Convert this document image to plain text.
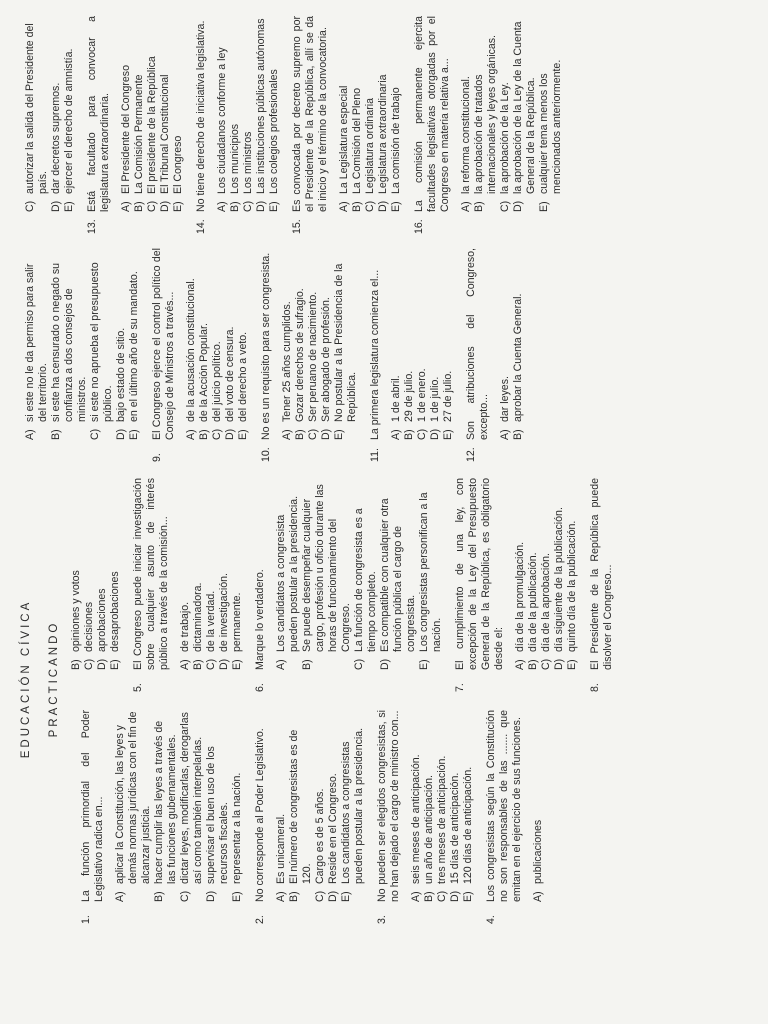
EDUCACIÓN CÍVICA PRACTICANDO
1.
La función primordial del Poder Legislativo radica en... A)
aplicar la Constitución, las leyes y demás normas jurídicas con el fin de alcanzar justicia.
B)
hacer cumplir las leyes a través de las funciones gubernamentales.
C)
dictar leyes, modificarlas, derogarlas así como también interpelarlas.
D)
supervisar el buen uso de los recursos fiscales.
E)
representar a la nación.
2.
No corresponde al Poder Legislativo. A)
Es unicameral.
B)
El número de congresistas es de 120.
C)
Cargo es de 5 años.
D)
Reside en el Congreso.
E)
Los candidatos a congresistas pueden postular a la presidencia.
3.
No pueden ser elegidos congresistas, si no han dejado el cargo de ministro con... A)
seis meses de anticipación.
B)
un año de anticipación.
C)
tres meses de anticipación.
D)
15 días de anticipación.
E)
120 días de anticipación.
4.
Los congresistas según la Constitución no son responsables de las ....... que emitan en el ejercicio de sus funciones. A)
publicaciones
B)
opiniones y votos
C)
decisiones
D)
aprobaciones
E)
desaprobaciones
5.
El Congreso puede iniciar investigación sobre cualquier asunto de interés público a través de la comisión... A)
de trabajo.
B)
dictaminadora.
C)
de la verdad.
D)
de investigación.
E)
permanente.
6.
Marque lo verdadero. A)
Los candidatos a congresista pueden postular a la presidencia.
B)
Se puede desempeñar cualquier cargo, profesión u oficio durante las horas de funcionamiento del Congreso.
C)
La función de congresista es a tiempo completo.
D)
Es compatible con cualquier otra función pública el cargo de congresista.
E)
Los congresistas personifican a la nación.
7.
El cumplimiento de una ley, con excepción de la Ley del Presupuesto General de la República, es obligatorio desde el: A)
día de la promulgación.
B)
día de la publicación.
C)
día de la aprobación.
D)
día siguiente de la publicación.
E)
quinto día de la publicación.
8.
El Presidente de la República puede disolver el Congreso...
A)
si este no le da permiso para salir del territorio.
B)
si este ha censurado o negado su confianza a dos consejos de ministros.
C)
si este no aprueba el presupuesto público.
D)
bajo estado de sitio.
E)
en el último año de su mandato.
9.
El Congreso ejerce el control político del Consejo de Ministros a través... A)
de la acusación constitucional.
B)
de la Acción Popular.
C)
del juicio político.
D)
del voto de censura.
E)
del derecho a veto.
10.
No es un requisito para ser congresista. A)
Tener 25 años cumplidos.
B)
Gozar derechos de sufragio.
C)
Ser peruano de nacimiento.
D)
Ser abogado de profesión.
E)
No postular a la Presidencia de la República.
11.
La primera legislatura comienza el... A)
1 de abril.
B)
29 de julio.
C)
1 de enero.
D)
1 de julio.
E)
27 de julio.
12.
Son atribuciones del Congreso, excepto... A)
dar leyes.
B)
aprobar la Cuenta General.
C)
autorizar la salida del Presidente del país.
D)
dar decretos supremos.
E)
ejercer el derecho de amnistía.
13.
Está facultado para convocar a legislatura extraordinaria. A)
El Presidente del Congreso
B)
La Comisión Permanente
C)
El presidente de la República
D)
El Tribunal Constitucional
E)
El Congreso
14.
No tiene derecho de iniciativa legislativa. A)
Los ciudadanos conforme a ley
B)
Los municipios
C)
Los ministros
D)
Las instituciones públicas autónomas
E)
Los colegios profesionales
15.
Es convocada por decreto supremo por el Presidente de la República, allí se da el inicio y el término de la convocatoria. A)
La Legislatura especial
B)
La Comisión del Pleno
C)
Legislatura ordinaria
D)
Legislatura extraordinaria
E)
La comisión de trabajo
16.
La comisión permanente ejercita facultades legislativas otorgadas por el Congreso en materia relativa a... A)
la reforma constitucional.
B)
la aprobación de tratados internacionales y leyes orgánicas.
C)
la aprobación de la Ley.
D)
la aprobación de la Ley de la Cuenta General de la República.
E)
cualquier tema menos los mencionados anteriormente.
